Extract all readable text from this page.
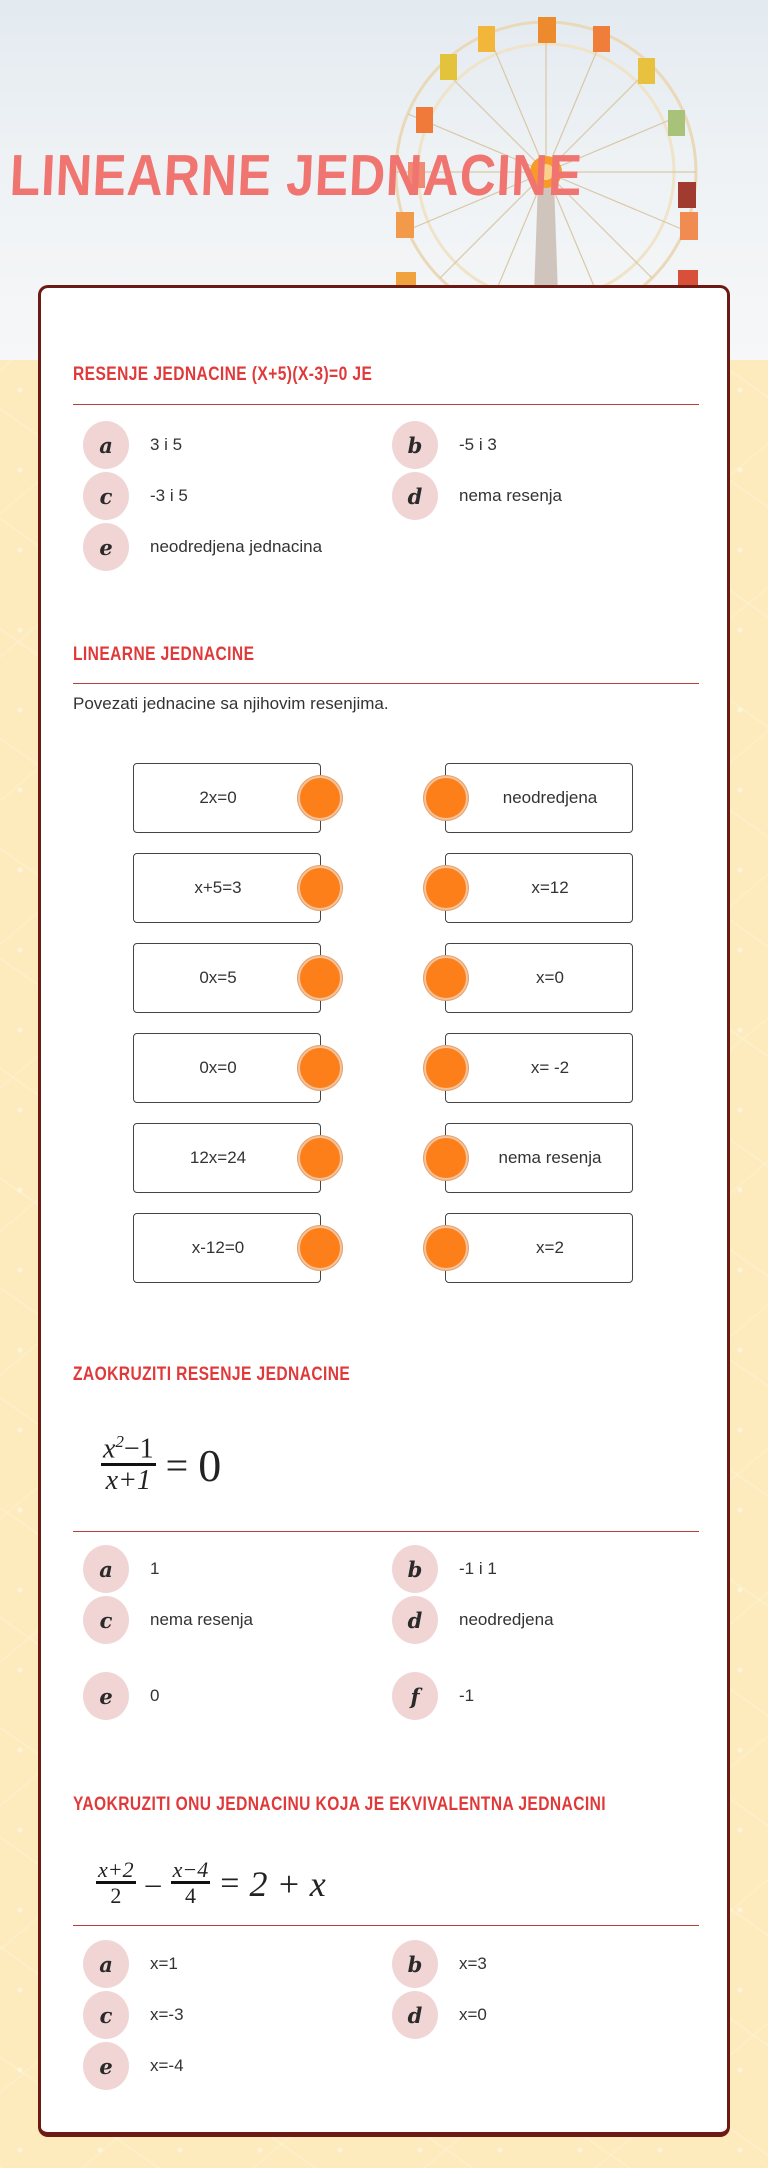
LINEARNE JEDNACINE
RESENJE JEDNACINE (X+5)(X-3)=0 JE
a	3 i 5	b	-5 i 3
c	-3 i 5	d	nema resenja
e	neodredjena jednacina
LINEARNE JEDNACINE
Povezati jednacine sa njihovim resenjima.
2x=0
x+5=3
0x=5
0x=0
12x=24
x-12=0
neodredjena
x=12
x=0
x= -2
nema resenja
x=2
ZAOKRUZITI RESENJE JEDNACINE
$\frac{x^2-1}{x+1} = 0$
a	1	b	-1 i 1
c	nema resenja	d	neodredjena
e	0	f	-1
YAOKRUZITI ONU JEDNACINU KOJA JE EKVIVALENTNA JEDNACINI
$\frac{x+2}{2} - \frac{x-4}{4} = 2 + x$
a	x=1	b	x=3
c	x=-3	d	x=0
e	x=-4
